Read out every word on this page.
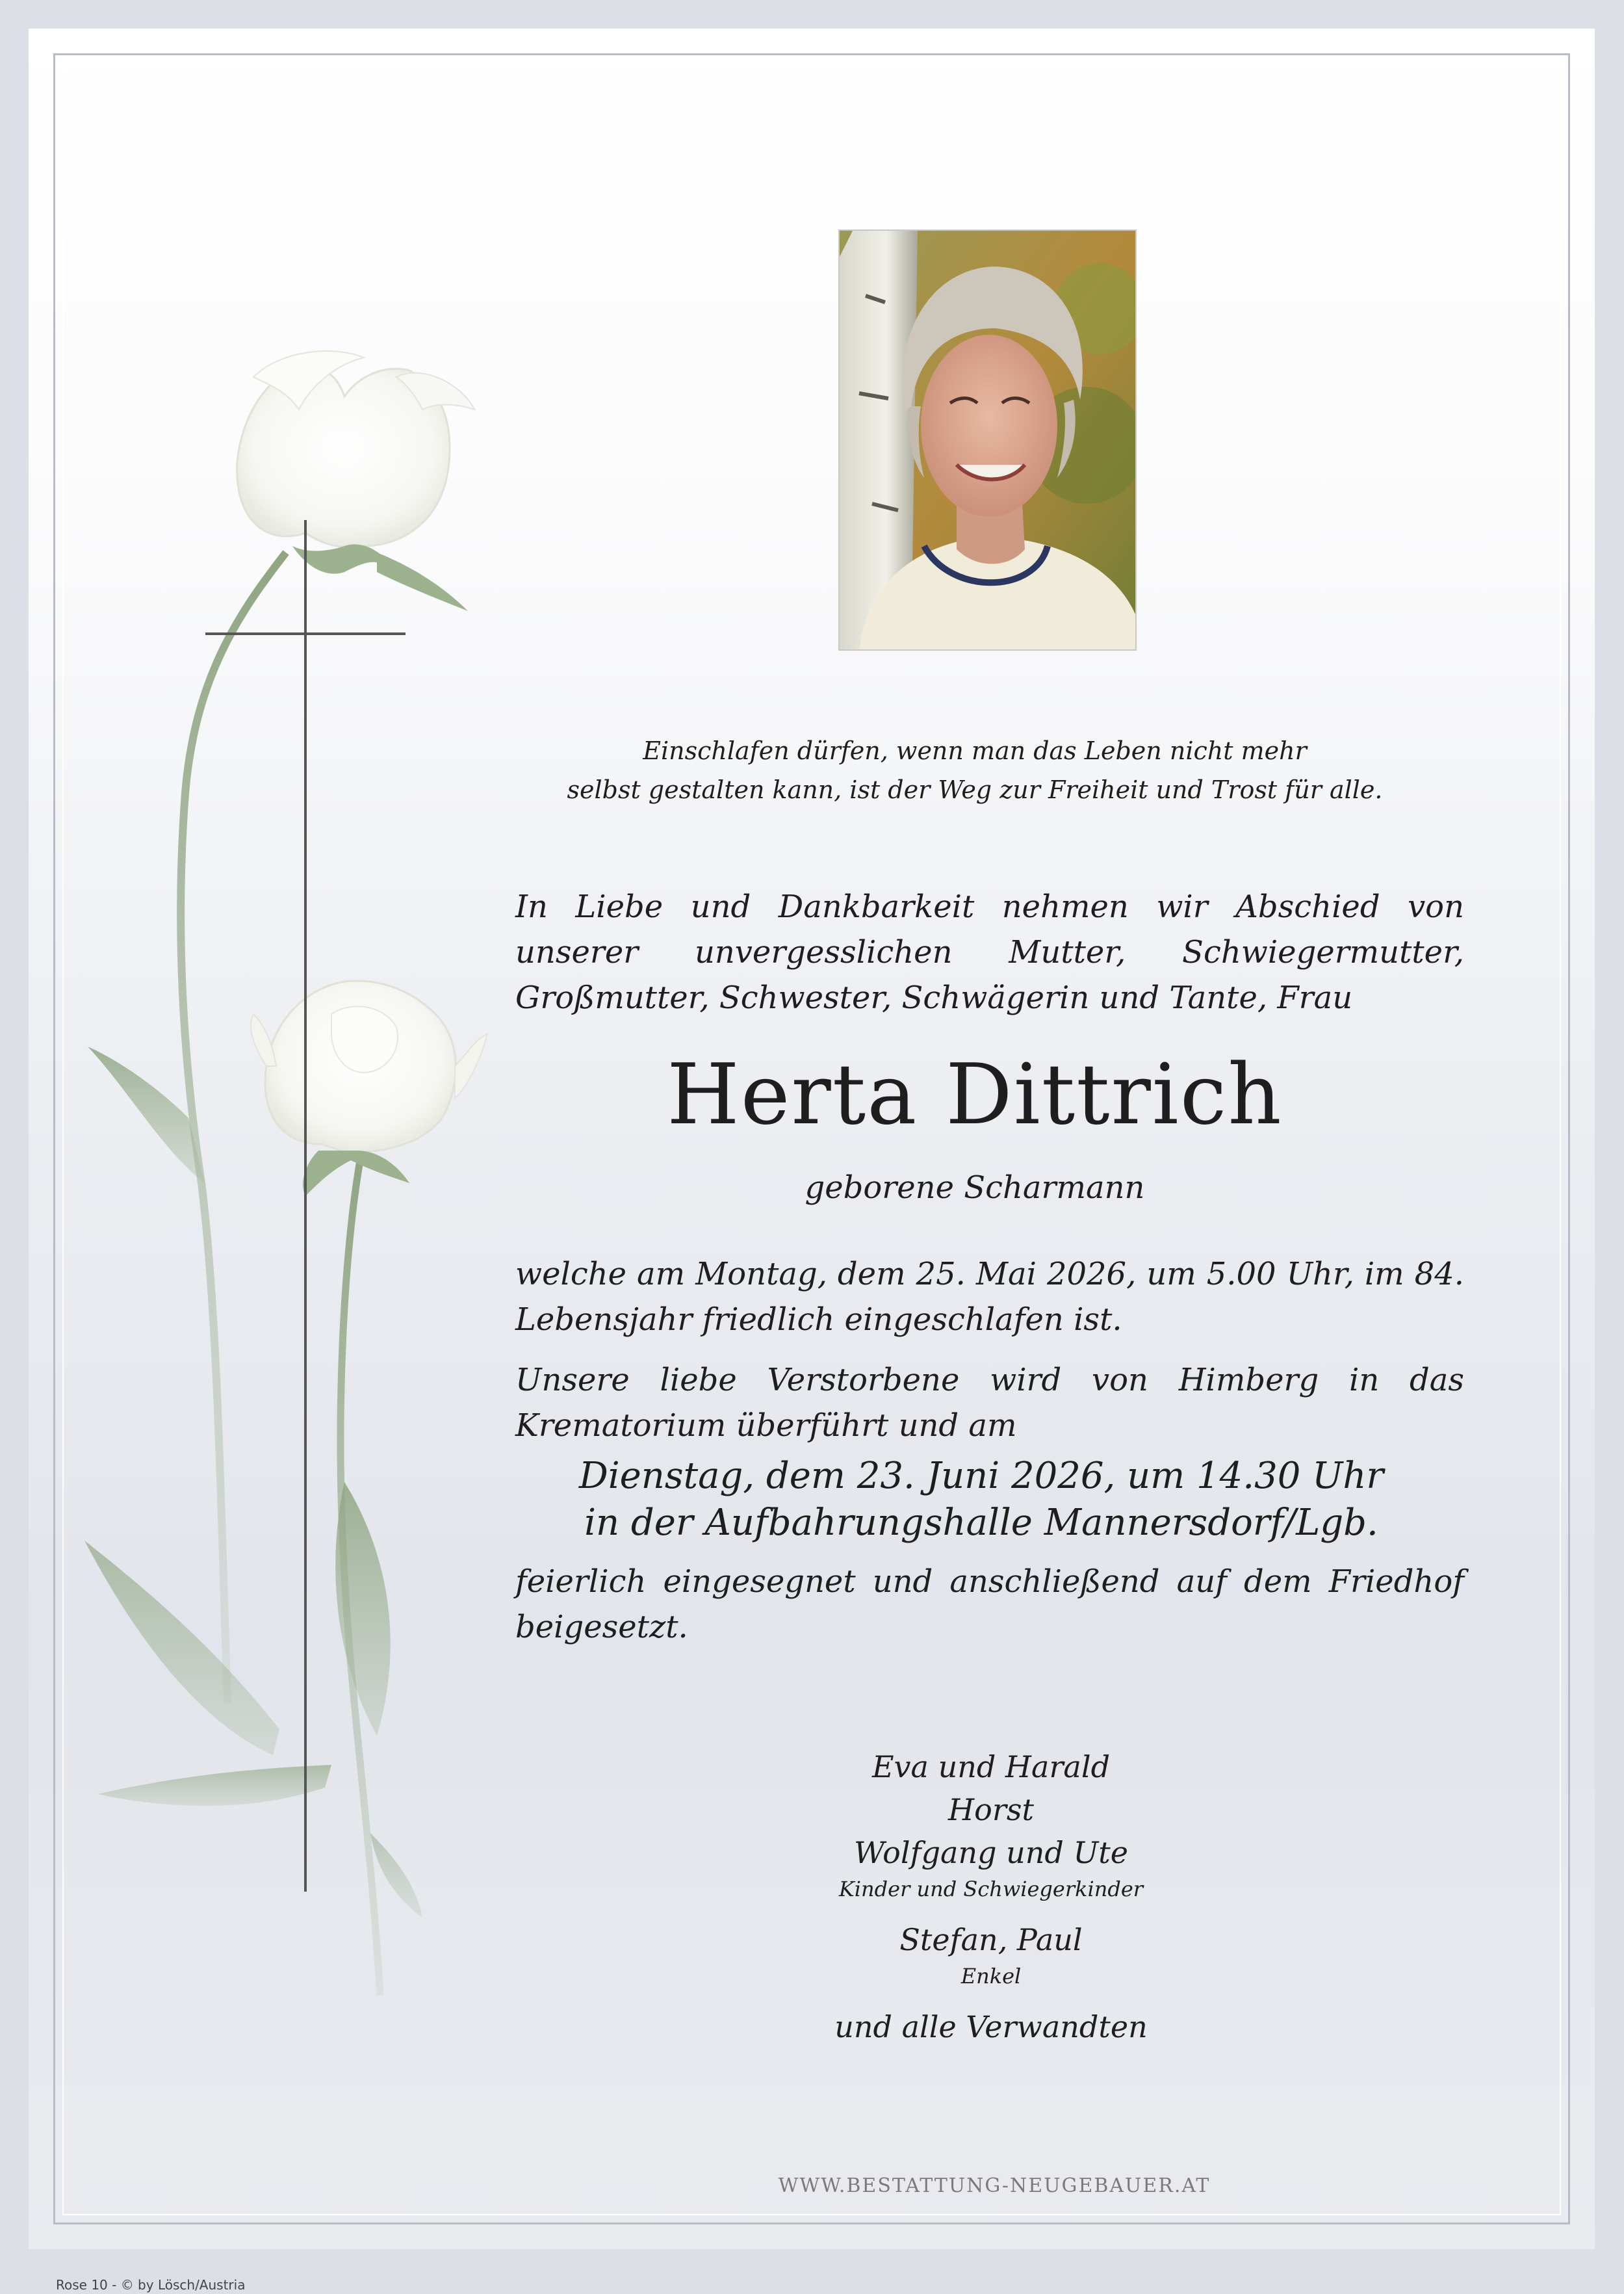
Einschlafen dürfen, wenn man das Leben nicht mehr
selbst gestalten kann, ist der Weg zur Freiheit und Trost für alle.
In Liebe und Dankbarkeit nehmen wir Abschied von unserer unvergesslichen Mutter, Schwiegermutter, Großmutter, Schwester, Schwägerin und Tante, Frau
Herta Dittrich
geborene Scharmann
welche am Montag, dem 25. Mai 2026, um 5.00 Uhr, im 84. Lebensjahr friedlich eingeschlafen ist.
Unsere liebe Verstorbene wird von Himberg in das Krematorium überführt und am
Dienstag, dem 23. Juni 2026, um 14.30 Uhr
in der Aufbahrungshalle Mannersdorf/Lgb.
feierlich eingesegnet und anschließend auf dem Friedhof beigesetzt.
Eva und Harald
Horst
Wolfgang und Ute
Kinder und Schwiegerkinder
Stefan, Paul
Enkel
und alle Verwandten
WWW.BESTATTUNG-NEUGEBAUER.AT
Rose 10 - © by Lösch/Austria
